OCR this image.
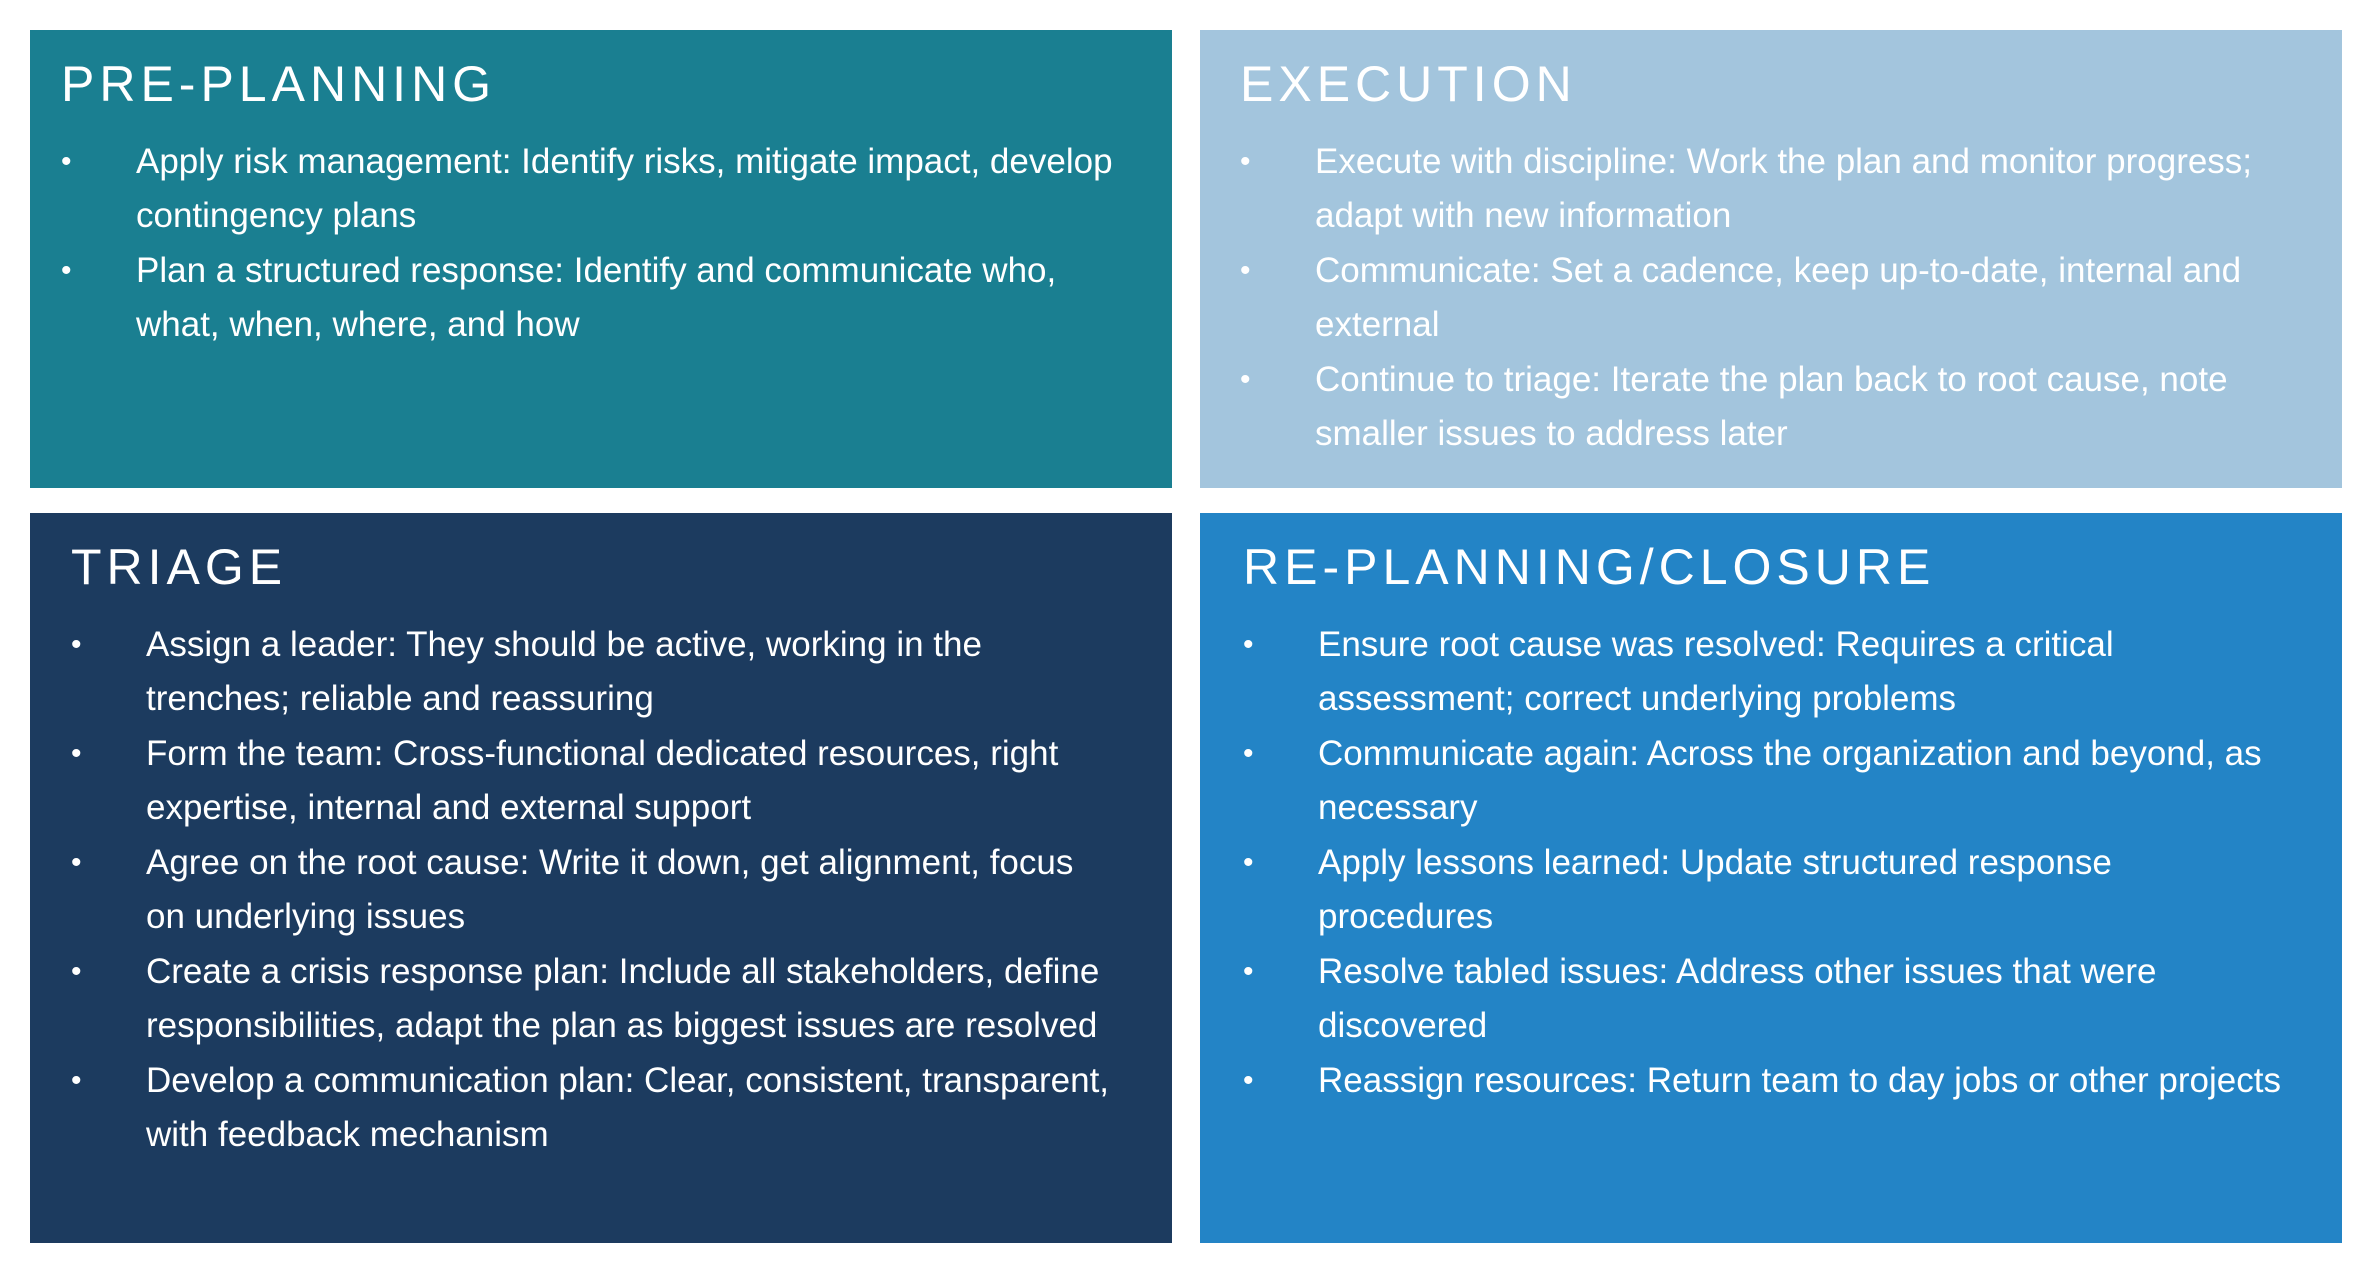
PRE-PLANNING
• Apply risk management: Identify risks, mitigate impact, develop contingency plans
• Plan a structured response: Identify and communicate who, what, when, where, and how
EXECUTION
• Execute with discipline: Work the plan and monitor progress; adapt with new information
• Communicate: Set a cadence, keep up-to-date, internal and external
• Continue to triage: Iterate the plan back to root cause, note smaller issues to address later
TRIAGE
• Assign a leader: They should be active, working in the trenches; reliable and reassuring
• Form the team: Cross-functional dedicated resources, right expertise, internal and external support
• Agree on the root cause: Write it down, get alignment, focus on underlying issues
• Create a crisis response plan: Include all stakeholders, define responsibilities, adapt the plan as biggest issues are resolved
• Develop a communication plan: Clear, consistent, transparent, with feedback mechanism
RE-PLANNING/CLOSURE
• Ensure root cause was resolved: Requires a critical assessment; correct underlying problems
• Communicate again: Across the organization and beyond, as necessary
• Apply lessons learned: Update structured response procedures
• Resolve tabled issues: Address other issues that were discovered
• Reassign resources: Return team to day jobs or other projects
